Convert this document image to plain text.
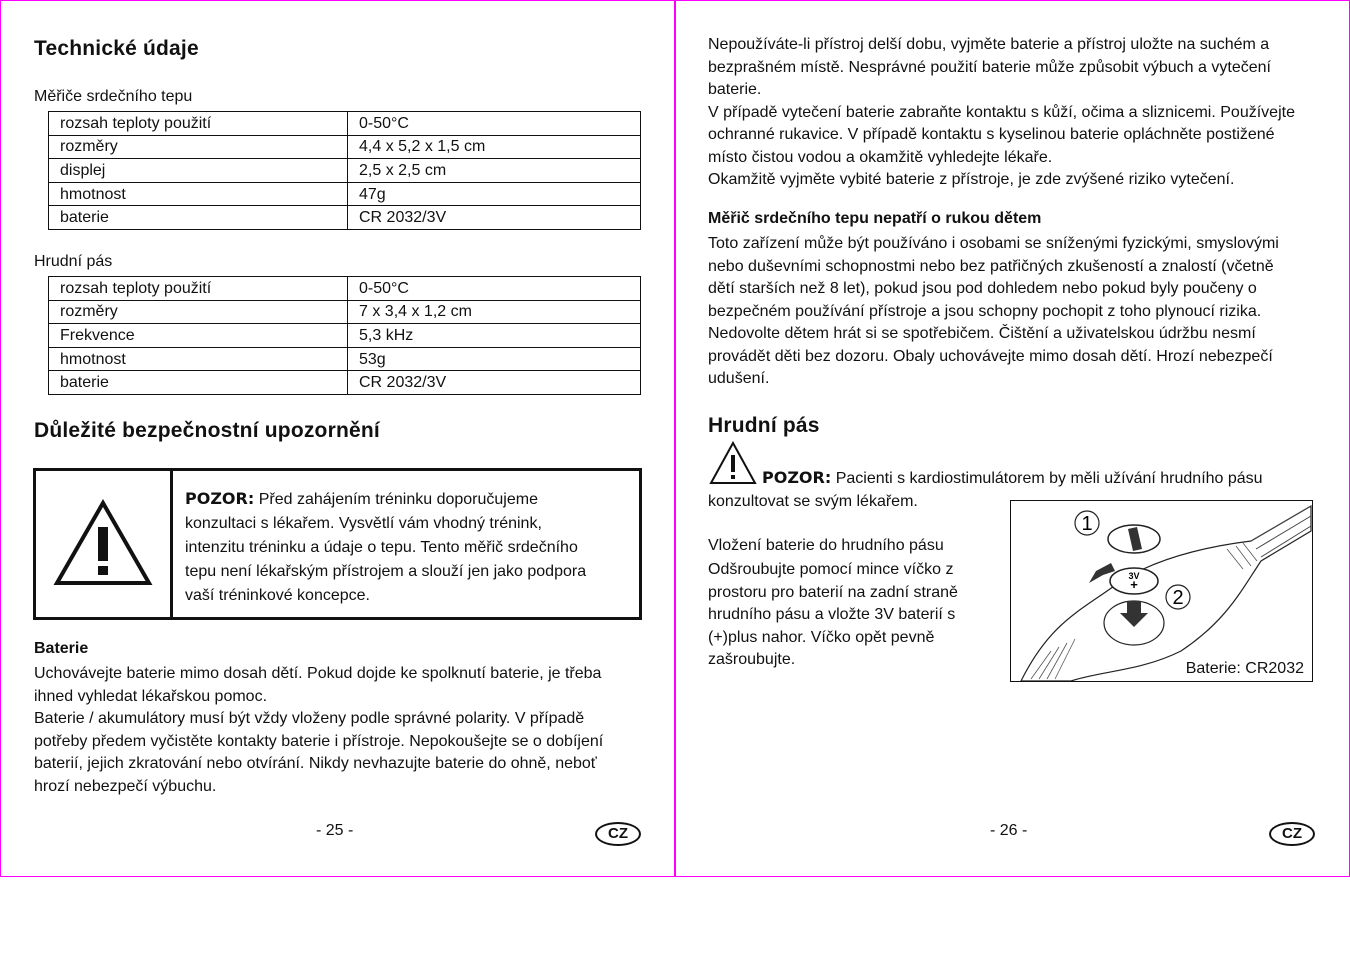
Technické údaje
Měřiče srdečního tepu
rozsah teploty použití	0-50°C
rozměry	4,4 x 5,2 x 1,5 cm
displej	2,5 x 2,5 cm
hmotnost	47g
baterie	CR 2032/3V
Hrudní pás
rozsah teploty použití	0-50°C
rozměry	7 x 3,4 x 1,2 cm
Frekvence	5,3 kHz
hmotnost	53g
baterie	CR 2032/3V
Důležité bezpečnostní upozornění
POZOR: Před zahájením tréninku doporučujeme
konzultaci s lékařem. Vysvětlí vám vhodný trénink,
intenzitu tréninku a údaje o tepu. Tento měřič srdečního
tepu není lékařským přístrojem a slouží jen jako podpora
vaší tréninkové koncepce.
Baterie
Uchovávejte baterie mimo dosah dětí. Pokud dojde ke spolknutí baterie, je třeba
ihned vyhledat lékařskou pomoc.
Baterie / akumulátory musí být vždy vloženy podle správné polarity. V případě
potřeby předem vyčistěte kontakty baterie i přístroje. Nepokoušejte se o dobíjení
baterií, jejich zkratování nebo otvírání. Nikdy nevhazujte baterie do ohně, neboť
hrozí nebezpečí výbuchu.
- 25 -	CZ
Nepoužíváte-li přístroj delší dobu, vyjměte baterie a přístroj uložte na suchém a
bezprašném místě. Nesprávné použití baterie může způsobit výbuch a vytečení
baterie.
V případě vytečení baterie zabraňte kontaktu s kůží, očima a sliznicemi. Používejte
ochranné rukavice. V případě kontaktu s kyselinou baterie opláchněte postižené
místo čistou vodou a okamžitě vyhledejte lékaře.
Okamžitě vyjměte vybité baterie z přístroje, je zde zvýšené riziko vytečení.
Měřič srdečního tepu nepatří o rukou dětem
Toto zařízení může být používáno i osobami se sníženými fyzickými, smyslovými
nebo duševními schopnostmi nebo bez patřičných zkušeností a znalostí (včetně
dětí starších než 8 let), pokud jsou pod dohledem nebo pokud byly poučeny o
bezpečném používání přístroje a jsou schopny pochopit z toho plynoucí rizika.
Nedovolte dětem hrát si se spotřebičem. Čištění a uživatelskou údržbu nesmí
provádět děti bez dozoru. Obaly uchovávejte mimo dosah dětí. Hrozí nebezpečí
udušení.
Hrudní pás
POZOR: Pacienti s kardiostimulátorem by měli užívání hrudního pásu
konzultovat se svým lékařem.
Vložení baterie do hrudního pásu
Odšroubujte pomocí mince víčko z
prostoru pro baterií na zadní straně
hrudního pásu a vložte 3V baterií s
(+)plus nahor. Víčko opět pevně
zašroubujte.
3V
+
1
2
Baterie: CR2032
- 26 -	CZ
